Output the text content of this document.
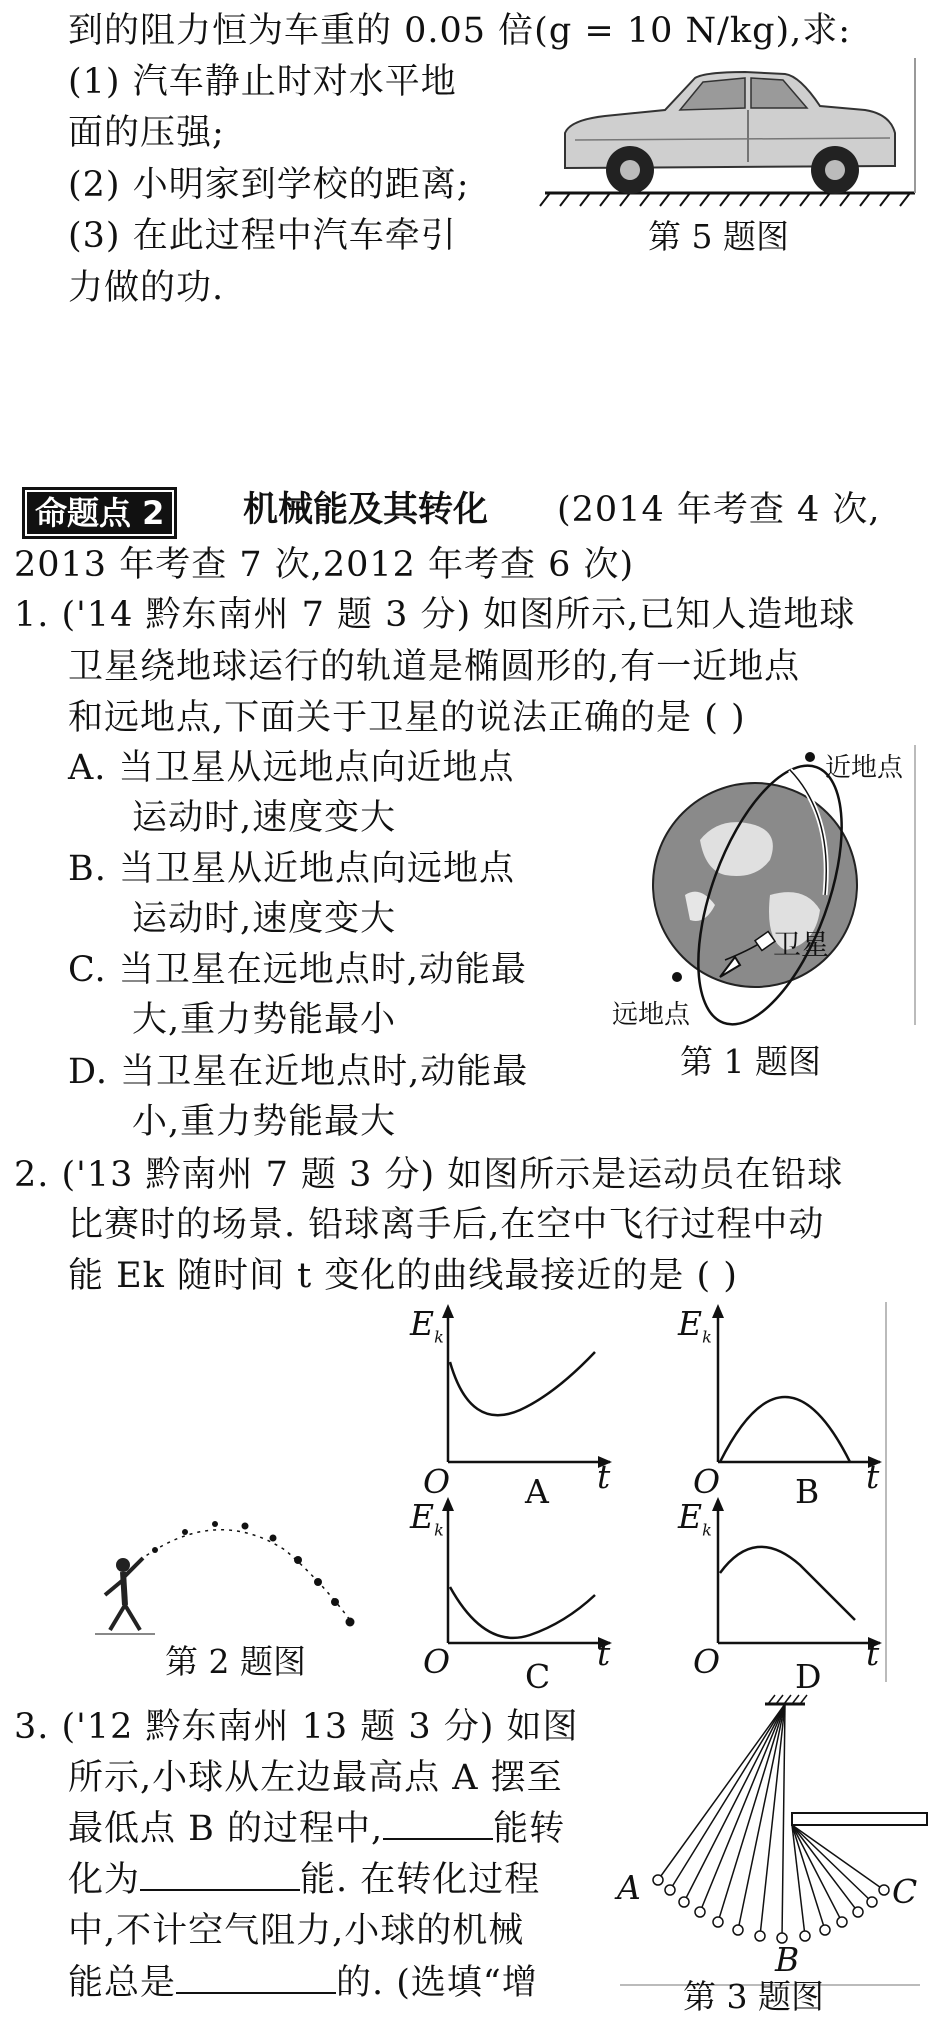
到的阻力恒为车重的 0.05 倍(g = 10 N/kg),求:
(1) 汽车静止时对水平地
面的压强;
(2) 小明家到学校的距离;
(3) 在此过程中汽车牵引
力做的功.
第 5 题图
命题点 2	机械能及其转化 (2014 年考查 4 次,
2013 年考查 7 次,2012 年考查 6 次)
1. ('14 黔东南州 7 题 3 分) 如图所示,已知人造地球
卫星绕地球运行的轨道是椭圆形的,有一近地点
和远地点,下面关于卫星的说法正确的是 ( )
A. 当卫星从远地点向近地点
运动时,速度变大
B. 当卫星从近地点向远地点
运动时,速度变大
C. 当卫星在远地点时,动能最
大,重力势能最小
D. 当卫星在近地点时,动能最
小,重力势能最大
近地点
卫星
远地点
第 1 题图
2. ('13 黔南州 7 题 3 分) 如图所示是运动员在铅球
比赛时的场景. 铅球离手后,在空中飞行过程中动
能 Ek 随时间 t 变化的曲线最接近的是 ( )
第 2 题图
$E_k$
O	t
A
$E_k$
O	t
B
$E_k$
O	t
C
$E_k$
O	t
D
3. ('12 黔东南州 13 题 3 分) 如图
所示,小球从左边最高点 A 摆至
最低点 B 的过程中,	能转
化为	能. 在转化过程
中,不计空气阻力,小球的机械
能总是	的. (选填“增
A
B
C
第 3 题图
